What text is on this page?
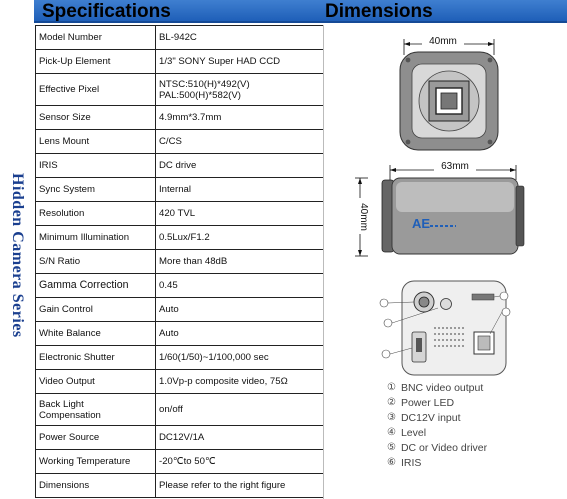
Hidden Camera Series
Specifications	Dimensions
Model Number	BL-942C
Pick-Up Element	1/3" SONY Super HAD CCD
Effective Pixel	NTSC:510(H)*492(V)
PAL:500(H)*582(V)
Sensor Size	4.9mm*3.7mm
Lens Mount	C/CS
IRIS	DC drive
Sync System	Internal
Resolution	420 TVL
Minimum Illumination	0.5Lux/F1.2
S/N Ratio	More than 48dB
Gamma Correction	0.45
Gain Control	Auto
White Balance	Auto
Electronic Shutter	1/60(1/50)~1/100,000 sec
Video Output	1.0Vp-p composite video, 75Ω
Back Light
Compensation	on/off
Power Source	DC12V/1A
Working Temperature	-20℃to 50℃
Dimensions	Please refer to the right figure
40mm
63mm
40mm	AE
① BNC video output
② Power LED
③ DC12V input
④ Level
⑤ DC or Video driver
⑥ IRIS
